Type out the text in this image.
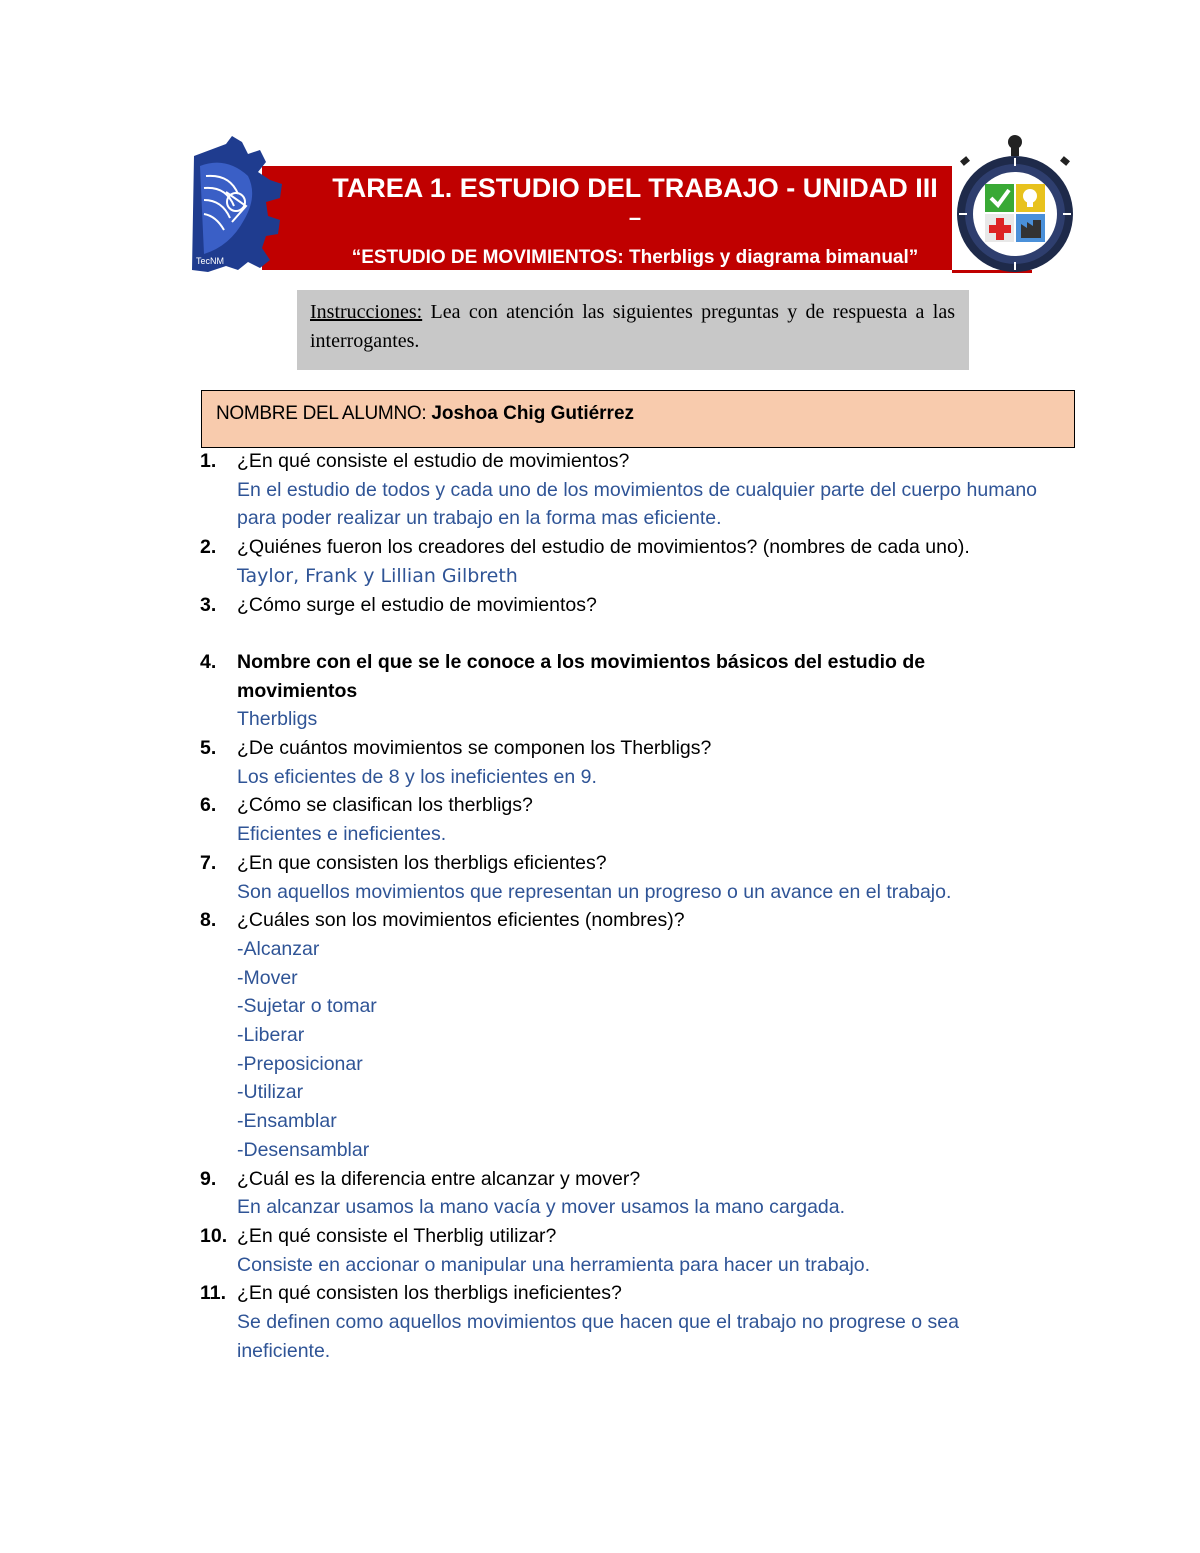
TecNM
TAREA 1. ESTUDIO DEL TRABAJO - UNIDAD III
–
“ESTUDIO DE MOVIMIENTOS: Therbligs y diagrama bimanual”
Instrucciones: Lea con atención las siguientes preguntas y de respuesta a las interrogantes.
NOMBRE DEL ALUMNO: Joshoa Chig Gutiérrez
1. ¿En qué consiste el estudio de movimientos?
En el estudio de todos y cada uno de los movimientos de cualquier parte del cuerpo humano para poder realizar un trabajo en la forma mas eficiente.
2. ¿Quiénes fueron los creadores del estudio de movimientos? (nombres de cada uno).
Taylor, Frank y Lillian Gilbreth
3. ¿Cómo surge el estudio de movimientos?
4. Nombre con el que se le conoce a los movimientos básicos del estudio de movimientos
Therbligs
5. ¿De cuántos movimientos se componen los Therbligs?
Los eficientes de 8 y los ineficientes en 9.
6. ¿Cómo se clasifican los therbligs?
Eficientes e ineficientes.
7. ¿En que consisten los therbligs eficientes?
Son aquellos movimientos que representan un progreso o un avance en el trabajo.
8. ¿Cuáles son los movimientos eficientes (nombres)?
-Alcanzar
-Mover
-Sujetar o tomar
-Liberar
-Preposicionar
-Utilizar
-Ensamblar
-Desensamblar
9. ¿Cuál es la diferencia entre alcanzar y mover?
En alcanzar usamos la mano vacía y mover usamos la mano cargada.
10. ¿En qué consiste el Therblig utilizar?
Consiste en accionar o manipular una herramienta para hacer un trabajo.
11. ¿En qué consisten los therbligs ineficientes?
Se definen como aquellos movimientos que hacen que el trabajo no progrese o sea ineficiente.
